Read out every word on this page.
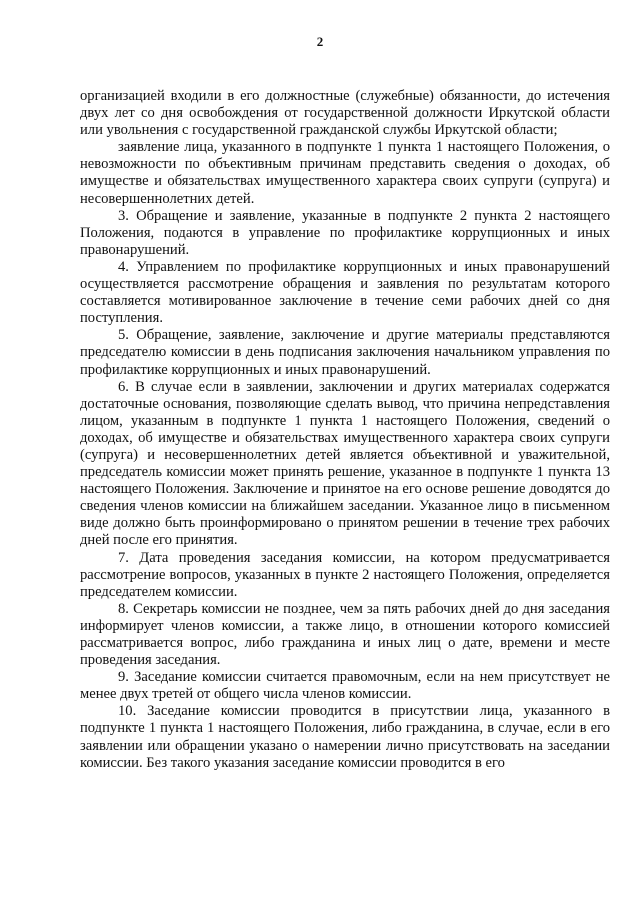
2

организацией входили в его должностные (служебные) обязанности, до истечения двух лет со дня освобождения от государственной должности Иркутской области или увольнения с государственной гражданской службы Иркутской области;

заявление лица, указанного в подпункте 1 пункта 1 настоящего Положения, о невозможности по объективным причинам представить сведения о доходах, об имуществе и обязательствах имущественного характера своих супруги (супруга) и несовершеннолетних детей.

3. Обращение и заявление, указанные в подпункте 2 пункта 2 настоящего Положения, подаются в управление по профилактике коррупционных и иных правонарушений.

4. Управлением по профилактике коррупционных и иных правонарушений осуществляется рассмотрение обращения и заявления по результатам которого составляется мотивированное заключение в течение семи рабочих дней со дня поступления.

5. Обращение, заявление, заключение и другие материалы представляются председателю комиссии в день подписания заключения начальником управления по профилактике коррупционных и иных правонарушений.

6. В случае если в заявлении, заключении и других материалах содержатся достаточные основания, позволяющие сделать вывод, что причина непредставления лицом, указанным в подпункте 1 пункта 1 настоящего Положения, сведений о доходах, об имуществе и обязательствах имущественного характера своих супруги (супруга) и несовершеннолетних детей является объективной и уважительной, председатель комиссии может принять решение, указанное в подпункте 1 пункта 13 настоящего Положения. Заключение и принятое на его основе решение доводятся до сведения членов комиссии на ближайшем заседании. Указанное лицо в письменном виде должно быть проинформировано о принятом решении в течение трех рабочих дней после его принятия.

7. Дата проведения заседания комиссии, на котором предусматривается рассмотрение вопросов, указанных в пункте 2 настоящего Положения, определяется председателем комиссии.

8. Секретарь комиссии не позднее, чем за пять рабочих дней до дня заседания информирует членов комиссии, а также лицо, в отношении которого комиссией рассматривается вопрос, либо гражданина и иных лиц о дате, времени и месте проведения заседания.

9. Заседание комиссии считается правомочным, если на нем присутствует не менее двух третей от общего числа членов комиссии.

10. Заседание комиссии проводится в присутствии лица, указанного в подпункте 1 пункта 1 настоящего Положения, либо гражданина, в случае, если в его заявлении или обращении указано о намерении лично присутствовать на заседании комиссии. Без такого указания заседание комиссии проводится в его
